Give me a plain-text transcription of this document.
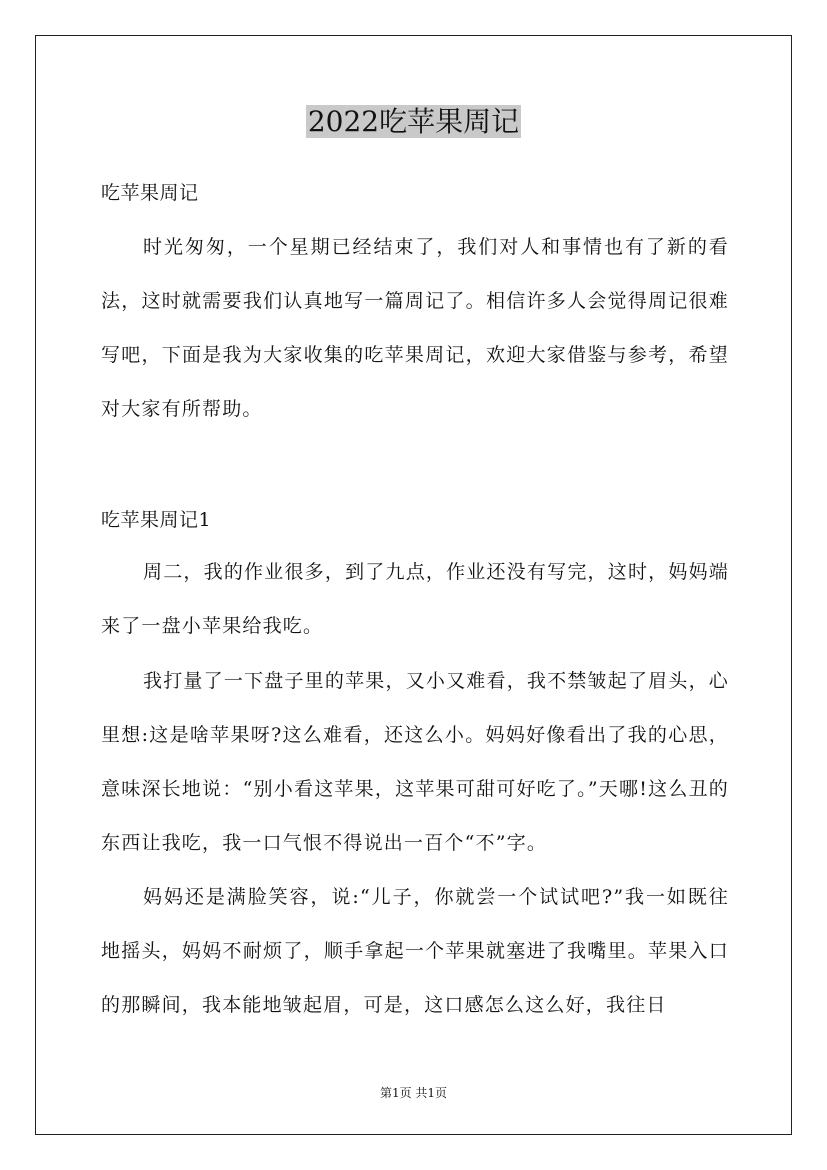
2022吃苹果周记
吃苹果周记

时光匆匆，一个星期已经结束了，我们对人和事情也有了新的看法，这时就需要我们认真地写一篇周记了。相信许多人会觉得周记很难写吧，下面是我为大家收集的吃苹果周记，欢迎大家借鉴与参考，希望对大家有所帮助。

吃苹果周记1

周二，我的作业很多，到了九点，作业还没有写完，这时，妈妈端来了一盘小苹果给我吃。

我打量了一下盘子里的苹果，又小又难看，我不禁皱起了眉头，心里想:这是啥苹果呀?这么难看，还这么小。妈妈好像看出了我的心思，意味深长地说：“别小看这苹果，这苹果可甜可好吃了。”天哪!这么丑的东西让我吃，我一口气恨不得说出一百个“不”字。

妈妈还是满脸笑容，说:“儿子，你就尝一个试试吧?”我一如既往地摇头，妈妈不耐烦了，顺手拿起一个苹果就塞进了我嘴里。苹果入口的那瞬间，我本能地皱起眉，可是，这口感怎么这么好，我往日

第1页 共1页
